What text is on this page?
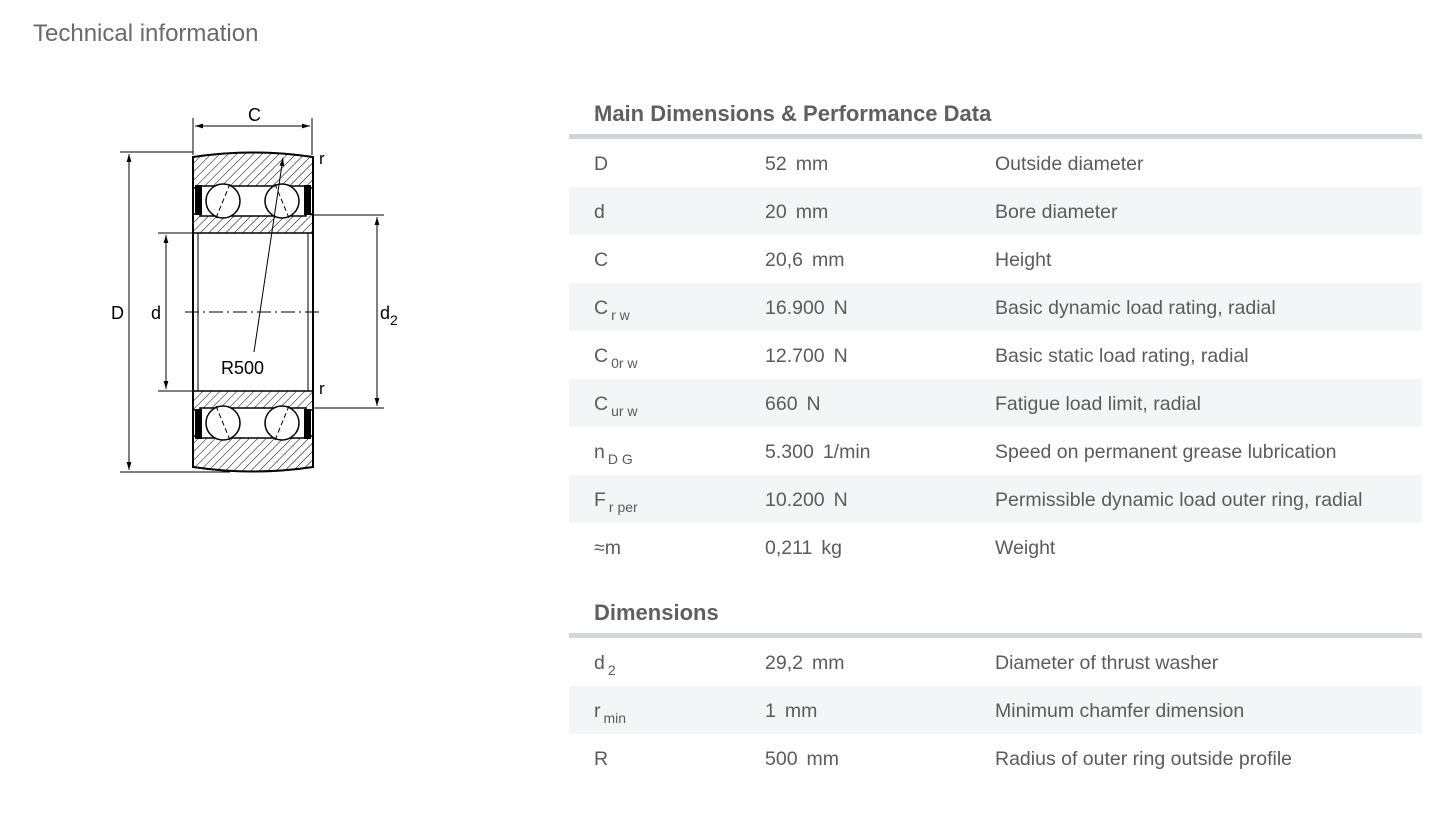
Technical information
C
D d	$d_2$
r
r
R500
Main Dimensions & Performance Data
D	52 mm	Outside diameter
d	20 mm	Bore diameter
C	20,6 mm	Height
C $_{r w}$	16.900 N	Basic dynamic load rating, radial
C $_{0r w}$	12.700 N	Basic static load rating, radial
C $_{ur w}$	660 N	Fatigue load limit, radial
n $_{D G}$	5.300 1/min	Speed on permanent grease lubrication
F $_{r per}$	10.200 N	Permissible dynamic load outer ring, radial
≈m	0,211 kg	Weight
Dimensions
d $_2$	29,2 mm	Diameter of thrust washer
r $_{min}$	1 mm	Minimum chamfer dimension
R	500 mm	Radius of outer ring outside profile
